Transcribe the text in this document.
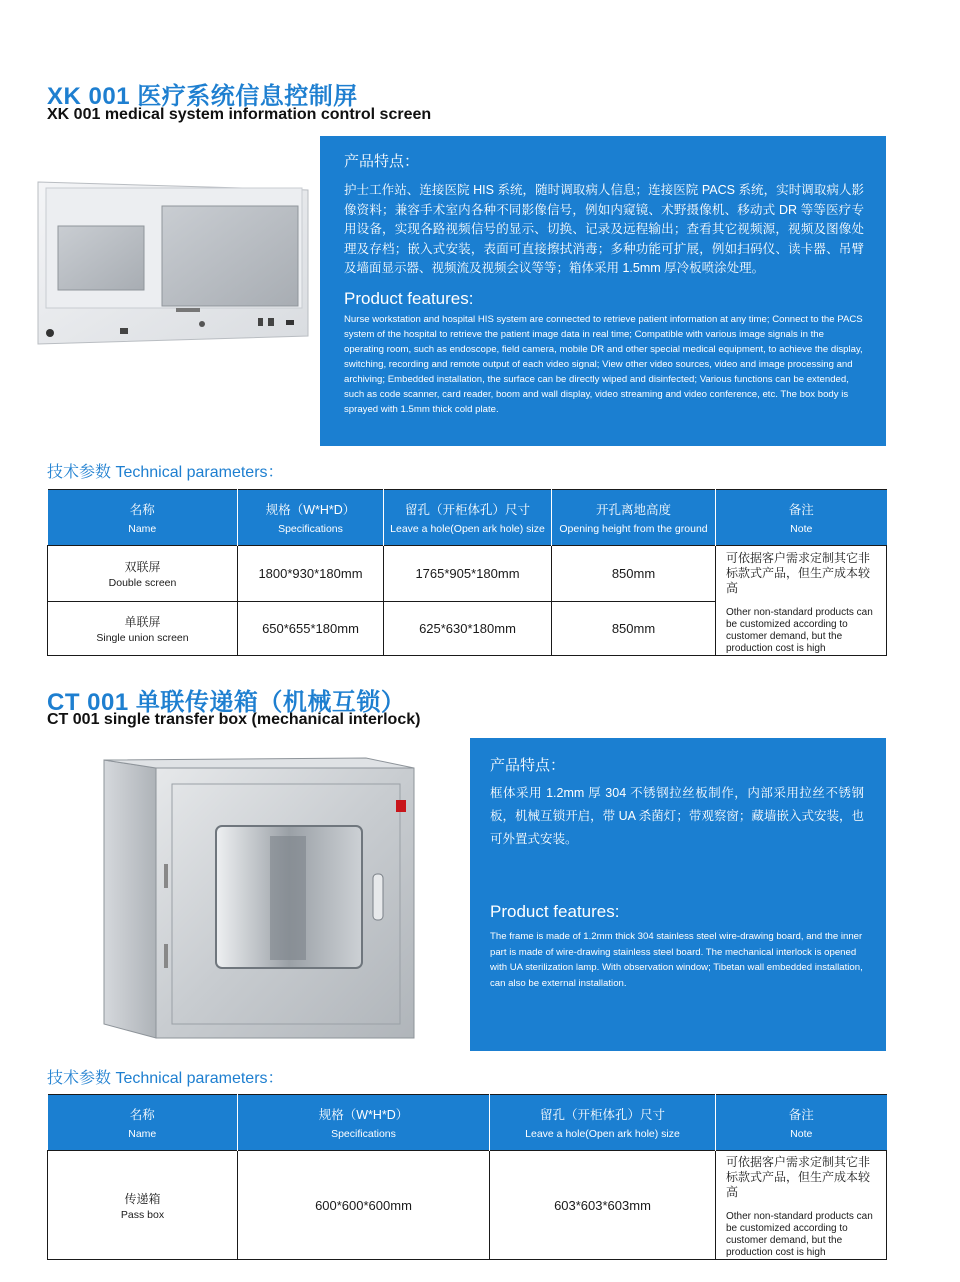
XK 001 医疗系统信息控制屏
XK 001 medical system information control screen
产品特点：
护士工作站、连接医院 HIS 系统，随时调取病人信息；连接医院 PACS 系统，实时调取病人影像资料；兼容手术室内各种不同影像信号，例如内窥镜、术野摄像机、移动式 DR 等等医疗专用设备，实现各路视频信号的显示、切换、记录及远程输出；查看其它视频源，视频及图像处理及存档；嵌入式安装，表面可直接擦拭消毒；多种功能可扩展，例如扫码仪、读卡器、吊臂及墙面显示器、视频流及视频会议等等；箱体采用 1.5mm 厚冷板喷涂处理。
Product features:
Nurse workstation and hospital HIS system are connected to retrieve patient information at any time; Connect to the PACS system of the hospital to retrieve the patient image data in real time; Compatible with various image signals in the operating room, such as endoscope, field camera, mobile DR and other special medical equipment, to achieve the display, switching, recording and remote output of each video signal; View other video sources, video and image processing and archiving; Embedded installation, the surface can be directly wiped and disinfected; Various functions can be extended, such as code scanner, card reader, boom and wall display, video streaming and video conference, etc. The box body is sprayed with 1.5mm thick cold plate.
技术参数 Technical parameters：
名称
Name	规格（W*H*D）
Specifications	留孔（开柜体孔）尺寸
Leave a hole(Open ark hole) size	开孔离地高度
Opening height from the ground	备注
Note

双联屏
Double screen	1800*930*180mm	1765*905*180mm	850mm	可依据客户需求定制其它非标款式产品，但生产成本较高
Other non-standard products can be customized according to customer demand, but the production cost is high

单联屏
Single union screen	650*655*180mm	625*630*180mm	850mm	
CT 001 单联传递箱（机械互锁）
CT 001 single transfer box (mechanical interlock)
产品特点：
框体采用 1.2mm 厚 304 不锈钢拉丝板制作，内部采用拉丝不锈钢板，机械互锁开启，带 UA 杀菌灯；带观察窗；藏墙嵌入式安装，也可外置式安装。
Product features:
The frame is made of 1.2mm thick 304 stainless steel wire-drawing board, and the inner part is made of wire-drawing stainless steel board. The mechanical interlock is opened with UA sterilization lamp. With observation window; Tibetan wall embedded installation, can also be external installation.
技术参数 Technical parameters：
名称
Name	规格（W*H*D）
Specifications	留孔（开柜体孔）尺寸
Leave a hole(Open ark hole) size	备注
Note

传递箱
Pass box	600*600*600mm	603*603*603mm	可依据客户需求定制其它非标款式产品，但生产成本较高
Other non-standard products can be customized according to customer demand, but the production cost is high
